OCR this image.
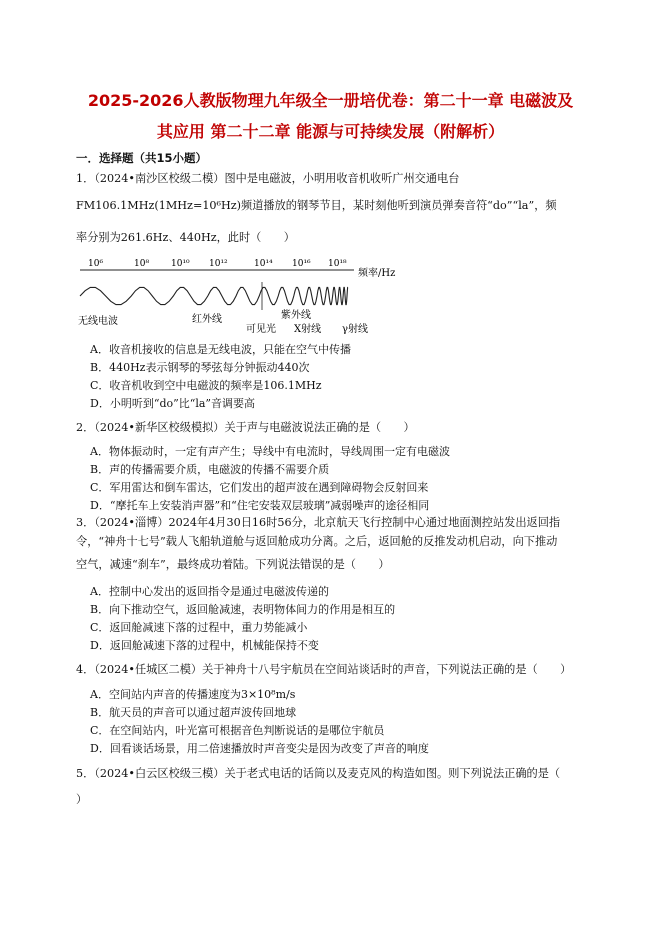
2025-2026人教版物理九年级全一册培优卷：第二十一章 电磁波及
其应用 第二十二章 能源与可持续发展（附解析）
一．选择题（共15小题）
1．（2024•南沙区校级二模）图中是电磁波，小明用收音机收听广州交通电台
FM106.1MHz(1MHz=10⁶Hz)频道播放的钢琴节目，某时刻他听到演员弹奏音符“do”“la”，频
率分别为261.6Hz、440Hz，此时（　　）
10⁶	10⁸ 10¹⁰ 10¹²	10¹⁴ 10¹⁶ 10¹⁸
频率/Hz
无线电波	红外线
可见光
紫外线
X射线 γ射线
A．收音机接收的信息是无线电波，只能在空气中传播
B．440Hz表示钢琴的琴弦每分钟振动440次
C．收音机收到空中电磁波的频率是106.1MHz
D．小明听到“do”比“la”音调要高
2．（2024•新华区校级模拟）关于声与电磁波说法正确的是（　　）
A．物体振动时，一定有声产生；导线中有电流时，导线周围一定有电磁波
B．声的传播需要介质，电磁波的传播不需要介质
C．军用雷达和倒车雷达，它们发出的超声波在遇到障碍物会反射回来
D．“摩托车上安装消声器”和“住宅安装双层玻璃”减弱噪声的途径相同
3．（2024•淄博）2024年4月30日16时56分，北京航天飞行控制中心通过地面测控站发出返回指
令，“神舟十七号”载人飞船轨道舱与返回舱成功分离。之后，返回舱的反推发动机启动，向下推动
空气，减速“刹车”，最终成功着陆。下列说法错误的是（　　）
A．控制中心发出的返回指令是通过电磁波传递的
B．向下推动空气，返回舱减速，表明物体间力的作用是相互的
C．返回舱减速下落的过程中，重力势能减小
D．返回舱减速下落的过程中，机械能保持不变
4．（2024•任城区二模）关于神舟十八号宇航员在空间站谈话时的声音，下列说法正确的是（　　）
A．空间站内声音的传播速度为3×10⁸m/s
B．航天员的声音可以通过超声波传回地球
C．在空间站内，叶光富可根据音色判断说话的是哪位宇航员
D．回看谈话场景，用二倍速播放时声音变尖是因为改变了声音的响度
5．（2024•白云区校级三模）关于老式电话的话筒以及麦克风的构造如图。则下列说法正确的是（
）
